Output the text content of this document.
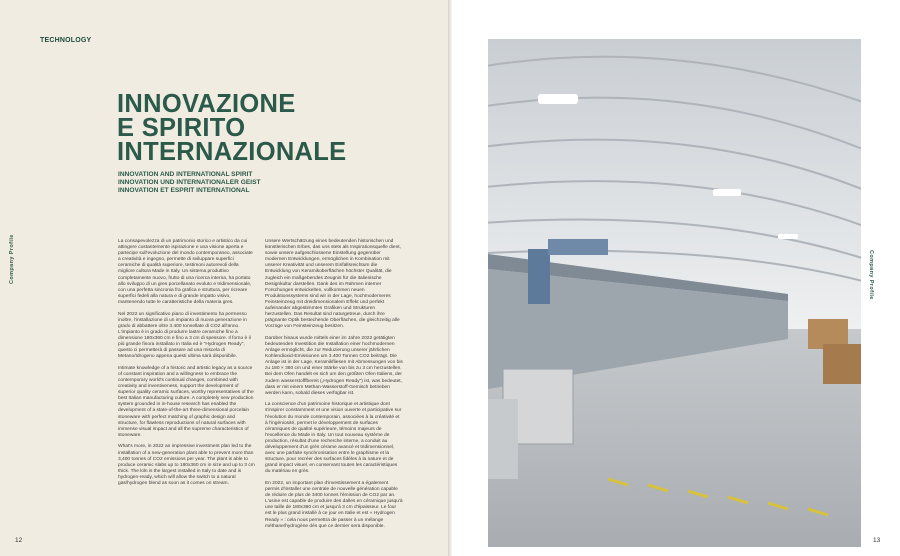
TECHNOLOGY
INNOVAZIONE
E SPIRITO
INTERNAZIONALE
INNOVATION AND INTERNATIONAL SPIRIT
INNOVATION UND INTERNATIONALER GEIST
INNOVATION ET ESPRIT INTERNATIONAL

La consapevolezza di un patrimonio storico e artistico da cui attingere costantemente ispirazione e una visione aperta e partecipe sull'evoluzione del mondo contemporaneo, associate a creatività e ingegno, permette di sviluppare superfici ceramiche di qualità superiore, testimoni autorevoli della migliore cultura Made in Italy. Un sistema produttivo completamente nuovo, frutto di una ricerca interna, ha portato allo sviluppo di un gres porcellanato evoluto e tridimensionale, con una perfetta sincronia fra grafica e struttura, per ricreare superfici fedeli alla natura e di grande impatto visivo, mantenendo tutte le caratteristiche della materia gres.

Nel 2022 un significativo piano di investimento ha permesso inoltre, l'installazione di un impianto di nuova generazione in grado di abbattere oltre 3.400 tonnellate di CO2 all'anno. L'impianto è in grado di produrre lastre ceramiche fino a dimensione 180x360 cm e fino a 3 cm di spessore. Il forno è il più grande finora installato in Italia ed è "Hydrogen Ready", questo ci permetterà di passare ad una miscela di Metano/Idrogeno appena questi ultima sarà disponibile.

Intimate knowledge of a historic and artistic legacy as a source of constant inspiration and a willingness to embrace the contemporary world's continual changes, combined with creativity and inventiveness, support the development of superior quality ceramic surfaces, worthy representatives of the best Italian manufacturing culture. A completely new production system grounded in in-house research has enabled the development of a state-of-the-art three-dimensional porcelain stoneware with perfect matching of graphic design and structure, for flawless reproductions of natural surfaces with immense visual impact and all the supreme characteristics of stoneware.

What's more, in 2022 an impressive investment plan led to the installation of a new-generation plant able to prevent more than 3,400 tonnes of CO2 emissions per year. The plant is able to produce ceramic slabs up to 180x360 cm in size and up to 3 cm thick. The kiln is the largest installed in Italy to date and is hydrogen-ready, which will allow the switch to a natural gas/hydrogen blend as soon as it comes on stream.

Unsere Wertschätzung eines bedeutenden historischen und künstlerischen Erbes, das uns stets als Inspirationsquelle dient, sowie unsere aufgeschlossene Einstellung gegenüber modernen Entwicklungen, ermöglichen in Kombination mit unserer Kreativität und unserem Einfallsreichtum die Entwicklung von Keramikoberflächen höchster Qualität, die zugleich ein maßgebendes Zeugnis für die italienische Designkultur darstellen. Dank des im Rahmen interner Forschungen entwickelten, vollkommen neuen Produktionssystems sind wir in der Lage, hochmoderneres Feinsteinzeug mit dreidimensionalem Effekt und perfekt aufeinander abgestimmten Grafiken und Strukturen herzustellen. Das Resultat sind naturgetreue, durch ihre prägnante Optik bestechende Oberflächen, die gleichzeitig alle Vorzüge von Feinsteinzeug besitzen.

Darüber hinaus wurde mittels einer im Jahre 2022 getätigten bedeutenden Investition die Installation einer hochmodernen Anlage ermöglicht, die zur Reduzierung unserer jährlichen Kohlendioxid-Emissionen um 3.400 Tonnen CO2 beiträgt. Die Anlage ist in der Lage, Keramikfliesen mit Abmessungen von bis zu 180 × 360 cm und einer Stärke von bis zu 3 cm herzustellen. Bei dem Ofen handelt es sich um den größten Ofen Italiens, der zudem wasserstofffbereit („Hydrogen Ready") ist, was bedeutet, dass er mit einem Methan-Wasserstoff-Gemisch betrieben werden kann, sobald dieses verfügbar ist.

La conscience d'un patrimoine historique et artistique dont s'inspirer constamment et une vision ouverte et participative sur l'évolution du monde contemporain, associées à la créativité et à l'ingéniosité, permet le développement de surfaces céramiques de qualité supérieure, témoins majeurs de l'excellence du Made in Italy. Un tout nouveau système de production, résultat d'une recherche interne, a conduit au développement d'un grès cérame avancé et tridimensionnel, avec une parfaite synchronisation entre le graphisme et la structure, pour recréer des surfaces fidèles à la nature et de grand impact visuel, en conservant toutes les caractéristiques du matériau en grès.

En 2022, un important plan d'investissement a également permis d'installer une centrale de nouvelle génération capable de réduire de plus de 3400 tonnes l'émission de CO2 par an. L'usine est capable de produire des dalles en céramique jusqu'à une taille de 180x360 cm et jusqu'à 3 cm d'épaisseur. Le four est le plus grand installé à ce jour en Italie et est « Hydrogen Ready » : cela nous permettra de passer à un mélange méthane/hydrogène dès que ce dernier sera disponible.

Company Profile	Company Profile
12	13
